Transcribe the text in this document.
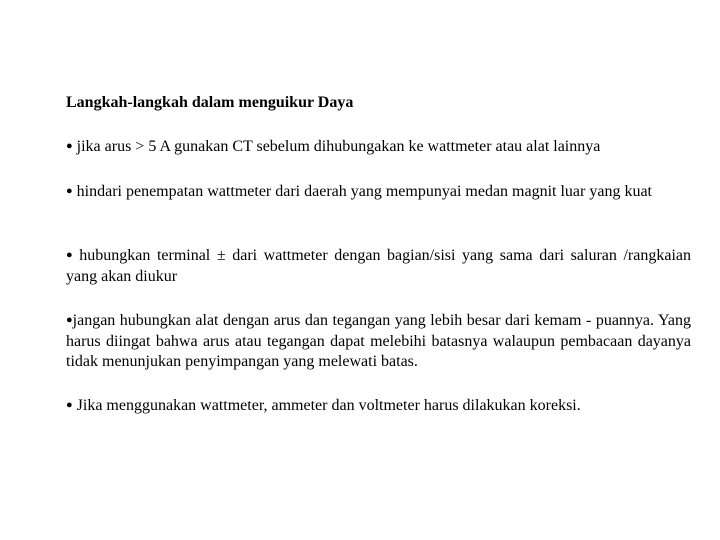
Langkah-langkah dalam menguikur Daya

● jika arus > 5 A gunakan CT sebelum dihubungakan ke wattmeter atau alat lainnya
● hindari penempatan wattmeter dari daerah yang mempunyai medan magnit luar yang kuat
● hubungkan terminal ± dari wattmeter dengan bagian/sisi yang sama dari saluran /rangkaian yang akan diukur
●jangan hubungkan alat dengan arus dan tegangan yang lebih besar dari kemam - puannya. Yang harus diingat bahwa arus atau tegangan dapat melebihi batasnya walaupun pembacaan dayanya tidak menunjukan penyimpangan yang melewati batas.
● Jika menggunakan wattmeter, ammeter dan voltmeter harus dilakukan koreksi.
